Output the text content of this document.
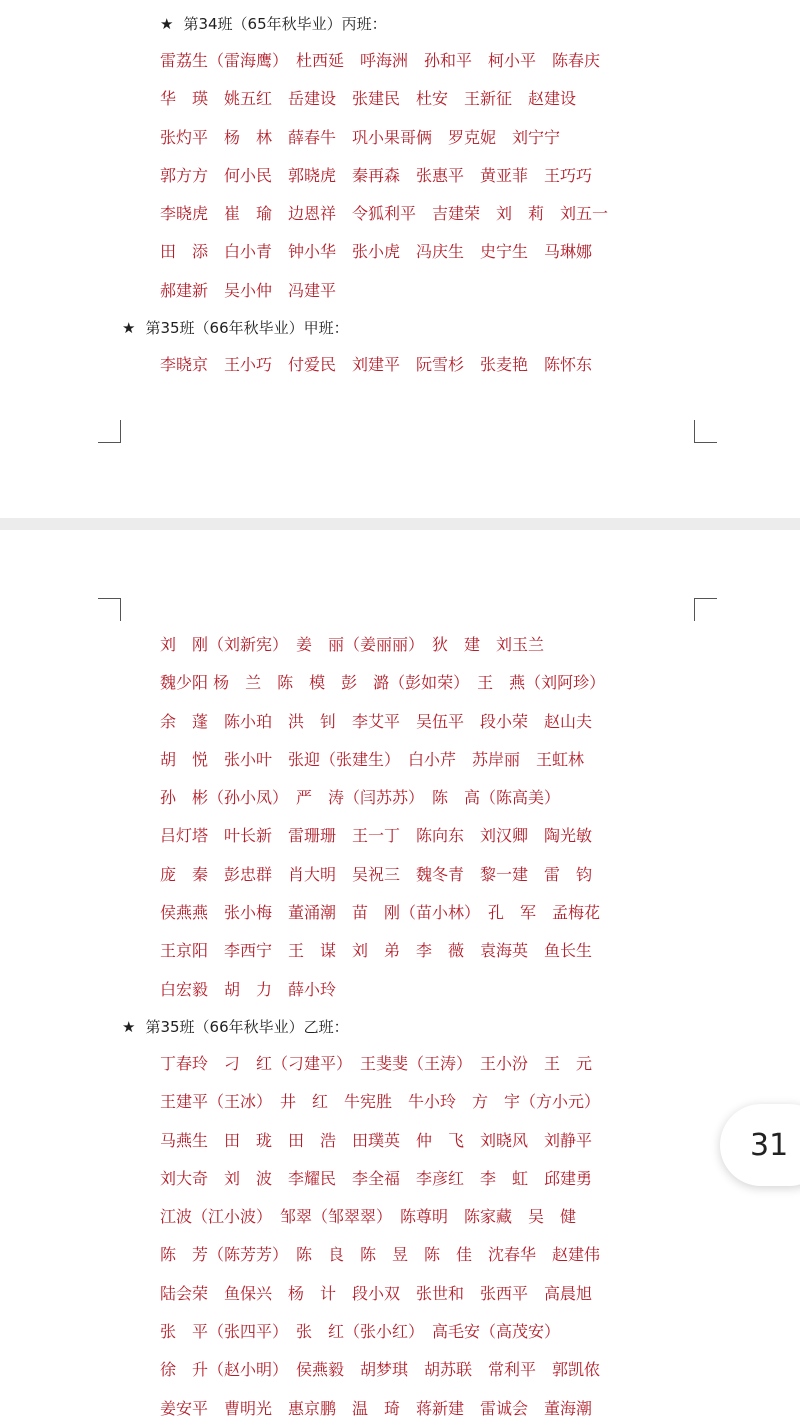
★ 第34班（65年秋毕业）丙班：
雷荔生（雷海鹰）　杜西延　呼海洲　孙和平　柯小平　陈春庆
华　瑛　姚五红　岳建设　张建民　杜安　王新征　赵建设
张灼平　杨　林　薛春牛　巩小果哥俩　罗克妮　刘宁宁
郭方方　何小民　郭晓虎　秦再森　张惠平　黄亚菲　王巧巧
李晓虎　崔　瑜　边恩祥　令狐利平　吉建荣　刘　莉　刘五一
田　添　白小青　钟小华　张小虎　冯庆生　史宁生　马琳娜
郝建新　吴小仲　冯建平
★ 第35班（66年秋毕业）甲班：
李晓京　王小巧　付爱民　刘建平　阮雪杉　张麦艳　陈怀东
刘　刚（刘新宪）　姜　丽（姜丽丽）　狄　建　刘玉兰
魏少阳 杨　兰　陈　模　彭　潞（彭如荣）　王　燕（刘阿珍）
余　蓬　陈小珀　洪　钊　李艾平　吴伍平　段小荣　赵山夫
胡　悦　张小叶　张迎（张建生）　白小芹　苏岸丽　王虹林
孙　彬（孙小凤）　严　涛（闫苏苏）　陈　高（陈高美）
吕灯塔　叶长新　雷珊珊　王一丁　陈向东　刘汉卿　陶光敏
庞　秦　彭忠群　肖大明　吴祝三　魏冬青　黎一建　雷　钧
侯燕燕　张小梅　董涌潮　苗　刚（苗小林）　孔　军　孟梅花
王京阳　李西宁　王　谋　刘　弟　李　薇　袁海英　鱼长生
白宏毅　胡　力　薛小玲
★ 第35班（66年秋毕业）乙班：
丁春玲　刁　红（刁建平）　王斐斐（王涛）　王小汾　王　元
王建平（王冰）　井　红　牛宪胜　牛小玲　方　宇（方小元）
马燕生　田　珑　田　浩　田璞英　仲　飞　刘晓风　刘静平
刘大奇　刘　波　李耀民　李全福　李彦红　李　虹　邱建勇
江波（江小波）　邹翠（邹翠翠）　陈尊明　陈家藏　吴　健
陈　芳（陈芳芳）　陈　良　陈　昱　陈　佳　沈春华　赵建伟
陆会荣　鱼保兴　杨　计　段小双　张世和　张西平　高晨旭
张　平（张四平）　张　红（张小红）　高毛安（高茂安）
徐　升（赵小明）　侯燕毅　胡梦琪　胡苏联　常利平　郭凯侬
姜安平　曹明光　惠京鹏　温　琦　蒋新建　雷诚会　董海潮
31
